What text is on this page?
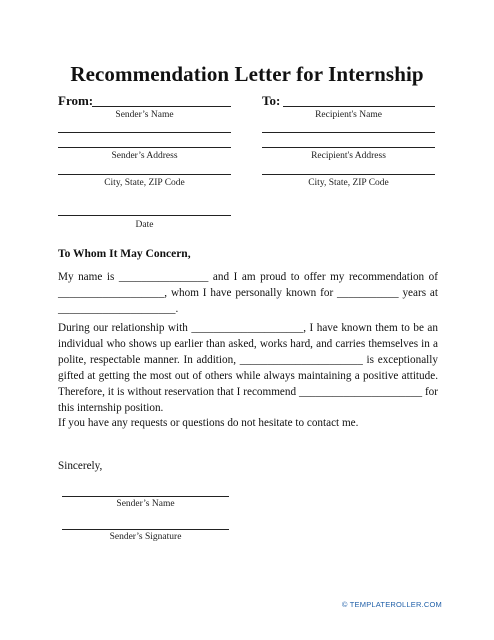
Recommendation Letter for Internship
From:
Sender’s Name
To:
Recipient's Name
Sender’s Address	Recipient's Address
City, State, ZIP Code	City, State, ZIP Code
Date
To Whom It May Concern,
My name is ________________ and I am proud to offer my recommendation of ___________________, whom I have personally known for ___________ years at _____________________.
During our relationship with ____________________, I have known them to be an individual who shows up earlier than asked, works hard, and carries themselves in a polite, respectable manner. In addition, ______________________ is exceptionally gifted at getting the most out of others while always maintaining a positive attitude. Therefore, it is without reservation that I recommend ______________________ for this internship position.
If you have any requests or questions do not hesitate to contact me.
Sincerely,
Sender’s Name
Sender’s Signature
© TEMPLATEROLLER.COM
